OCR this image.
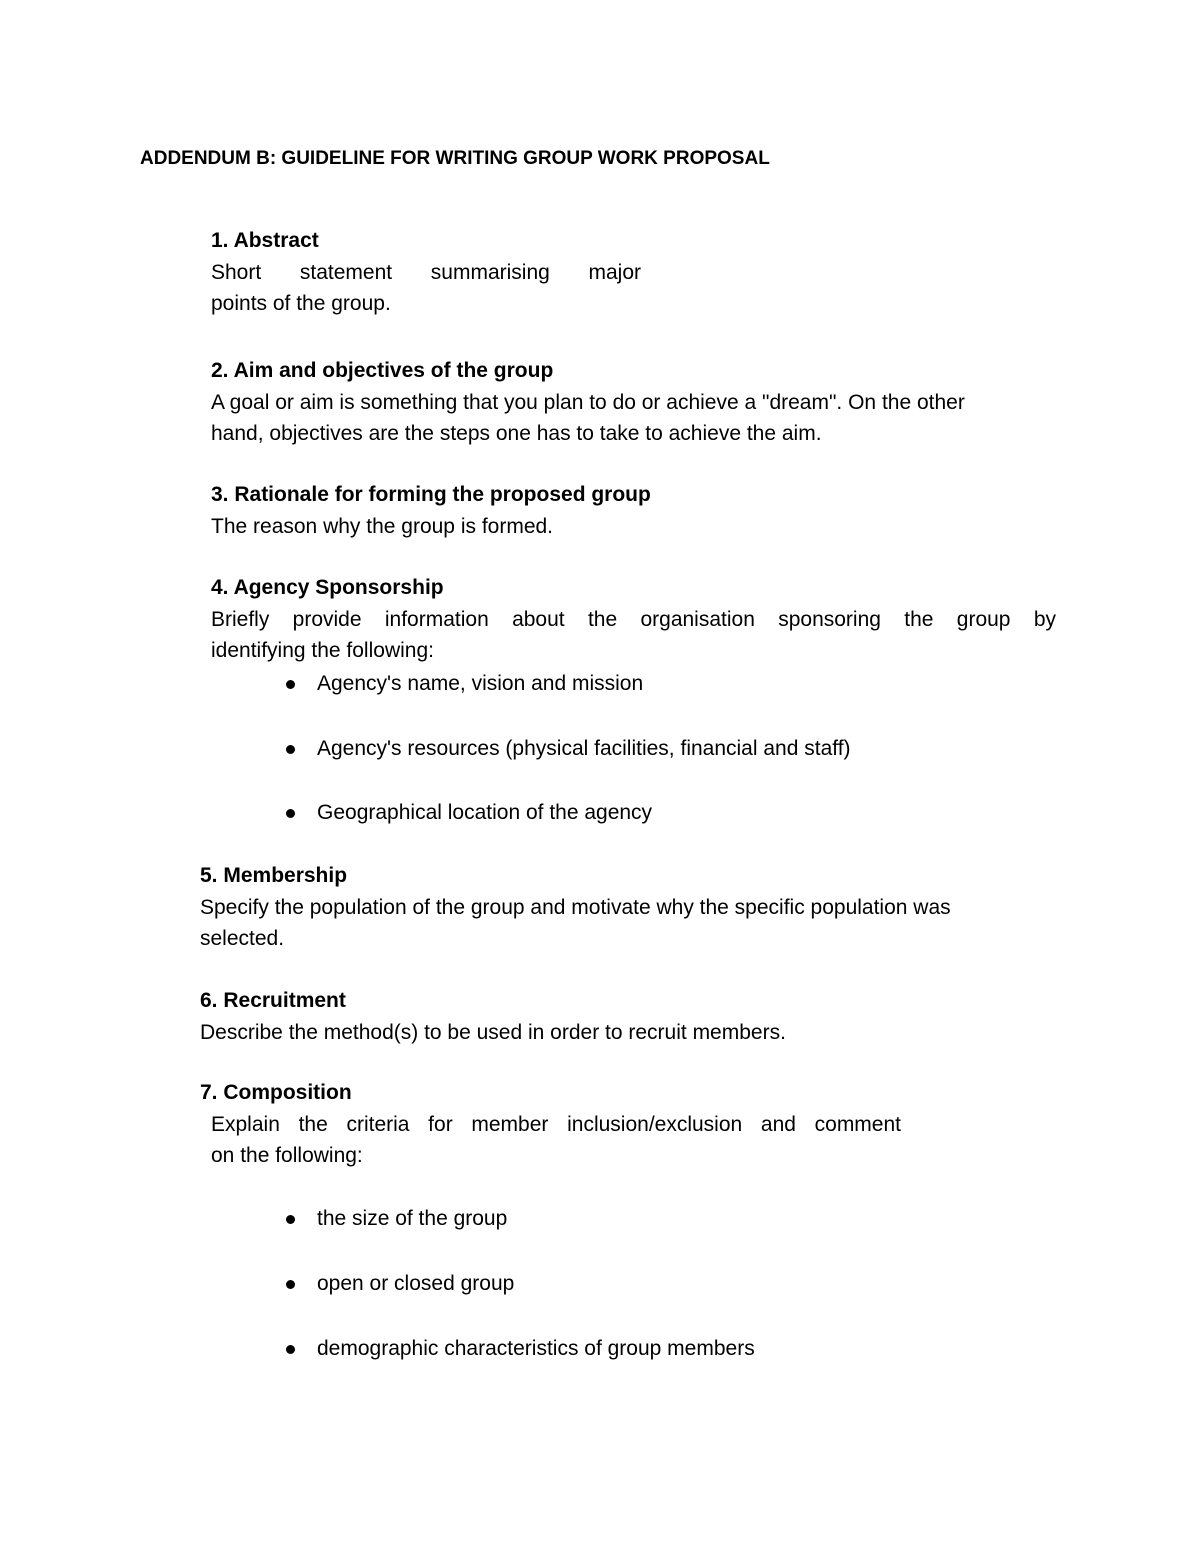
ADDENDUM B: GUIDELINE FOR WRITING GROUP WORK PROPOSAL
1. Abstract
Short statement summarising major
points of the group.
2. Aim and objectives of the group
A goal or aim is something that you plan to do or achieve a "dream". On the other
hand, objectives are the steps one has to take to achieve the aim.
3. Rationale for forming the proposed group
The reason why the group is formed.
4. Agency Sponsorship
Briefly provide information about the organisation sponsoring the group by
identifying the following:
Agency's name, vision and mission
Agency's resources (physical facilities, financial and staff)
Geographical location of the agency
5. Membership
Specify the population of the group and motivate why the specific population was
selected.
6. Recruitment
Describe the method(s) to be used in order to recruit members.
7. Composition
Explain the criteria for member inclusion/exclusion and comment
on the following:
the size of the group
open or closed group
demographic characteristics of group members
